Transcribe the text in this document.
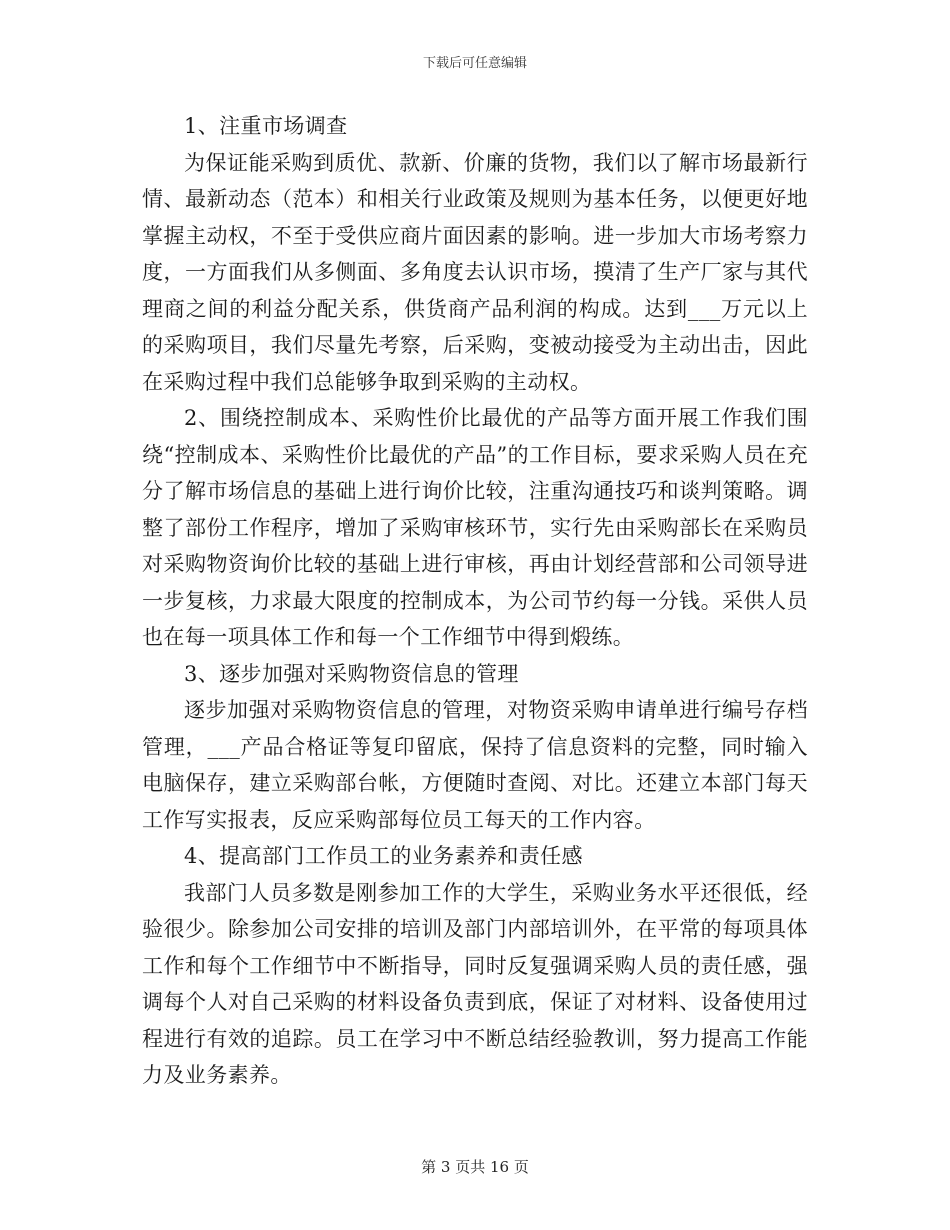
下载后可任意编辑

1、注重市场调查

为保证能采购到质优、款新、价廉的货物，我们以了解市场最新行情、最新动态（范本）和相关行业政策及规则为基本任务，以便更好地掌握主动权，不至于受供应商片面因素的影响。进一步加大市场考察力度，一方面我们从多侧面、多角度去认识市场，摸清了生产厂家与其代理商之间的利益分配关系，供货商产品利润的构成。达到___万元以上的采购项目，我们尽量先考察，后采购，变被动接受为主动出击，因此在采购过程中我们总能够争取到采购的主动权。

2、围绕控制成本、采购性价比最优的产品等方面开展工作我们围绕“控制成本、采购性价比最优的产品”的工作目标，要求采购人员在充分了解市场信息的基础上进行询价比较，注重沟通技巧和谈判策略。调整了部份工作程序，增加了采购审核环节，实行先由采购部长在采购员对采购物资询价比较的基础上进行审核，再由计划经营部和公司领导进一步复核，力求最大限度的控制成本，为公司节约每一分钱。采供人员也在每一项具体工作和每一个工作细节中得到煅练。

3、逐步加强对采购物资信息的管理

逐步加强对采购物资信息的管理，对物资采购申请单进行编号存档管理，___产品合格证等复印留底，保持了信息资料的完整，同时输入电脑保存，建立采购部台帐，方便随时查阅、对比。还建立本部门每天工作写实报表，反应采购部每位员工每天的工作内容。

4、提高部门工作员工的业务素养和责任感

我部门人员多数是刚参加工作的大学生，采购业务水平还很低，经验很少。除参加公司安排的培训及部门内部培训外，在平常的每项具体工作和每个工作细节中不断指导，同时反复强调采购人员的责任感，强调每个人对自己采购的材料设备负责到底，保证了对材料、设备使用过程进行有效的追踪。员工在学习中不断总结经验教训，努力提高工作能力及业务素养。

第 3 页共 16 页
